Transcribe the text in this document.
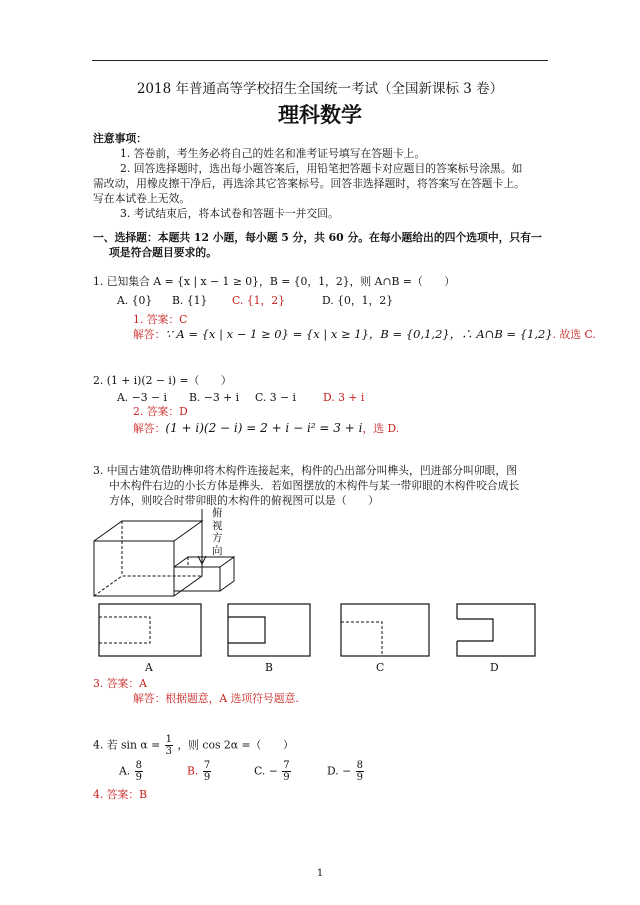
2018 年普通高等学校招生全国统一考试（全国新课标 3 卷）
理科数学
注意事项：
1. 答卷前，考生务必将自己的姓名和准考证号填写在答题卡上。
2. 回答选择题时，选出每小题答案后，用铅笔把答题卡对应题目的答案标号涂黑。如
需改动，用橡皮擦干净后，再选涂其它答案标号。回答非选择题时，将答案写在答题卡上。
写在本试卷上无效。
3. 考试结束后，将本试卷和答题卡一并交回。
一、选择题：本题共 12 小题，每小题 5 分，共 60 分。在每小题给出的四个选项中，只有一
项是符合题目要求的。
1. 已知集合 A = {x | x − 1 ≥ 0}，B = {0，1，2}，则 A∩B =（　　）
A. {0} B. {1} C. {1，2}	D. {0，1，2}
1. 答案：C
解答：∵ A = {x | x − 1 ≥ 0} = {x | x ≥ 1}，B = {0,1,2}，∴ A∩B = {1,2}. 故选 C.
2. (1 + i)(2 − i) =（　　）
A. −3 − i B. −3 + i C. 3 − i	D. 3 + i
2. 答案：D
解答：(1 + i)(2 − i) = 2 + i − i² = 3 + i，选 D.
3. 中国古建筑借助榫卯将木构件连接起来，构件的凸出部分叫榫头，凹进部分叫卯眼，图
中木构件右边的小长方体是榫头．若如图摆放的木构件与某一带卯眼的木构件咬合成长
方体，则咬合时带卯眼的木构件的俯视图可以是（　　）
俯
视
方
向
A	B	C	D
3. 答案：A
解答：根据题意，A 选项符号题意.
4. 若 $\sin \alpha = \frac{1}{3}$ ，则 cos 2α =（　　）
A. $\frac{8}{9}$	B. $\frac{7}{9}$	C. − $\frac{7}{9}$	D. − $\frac{8}{9}$
4. 答案：B
1
